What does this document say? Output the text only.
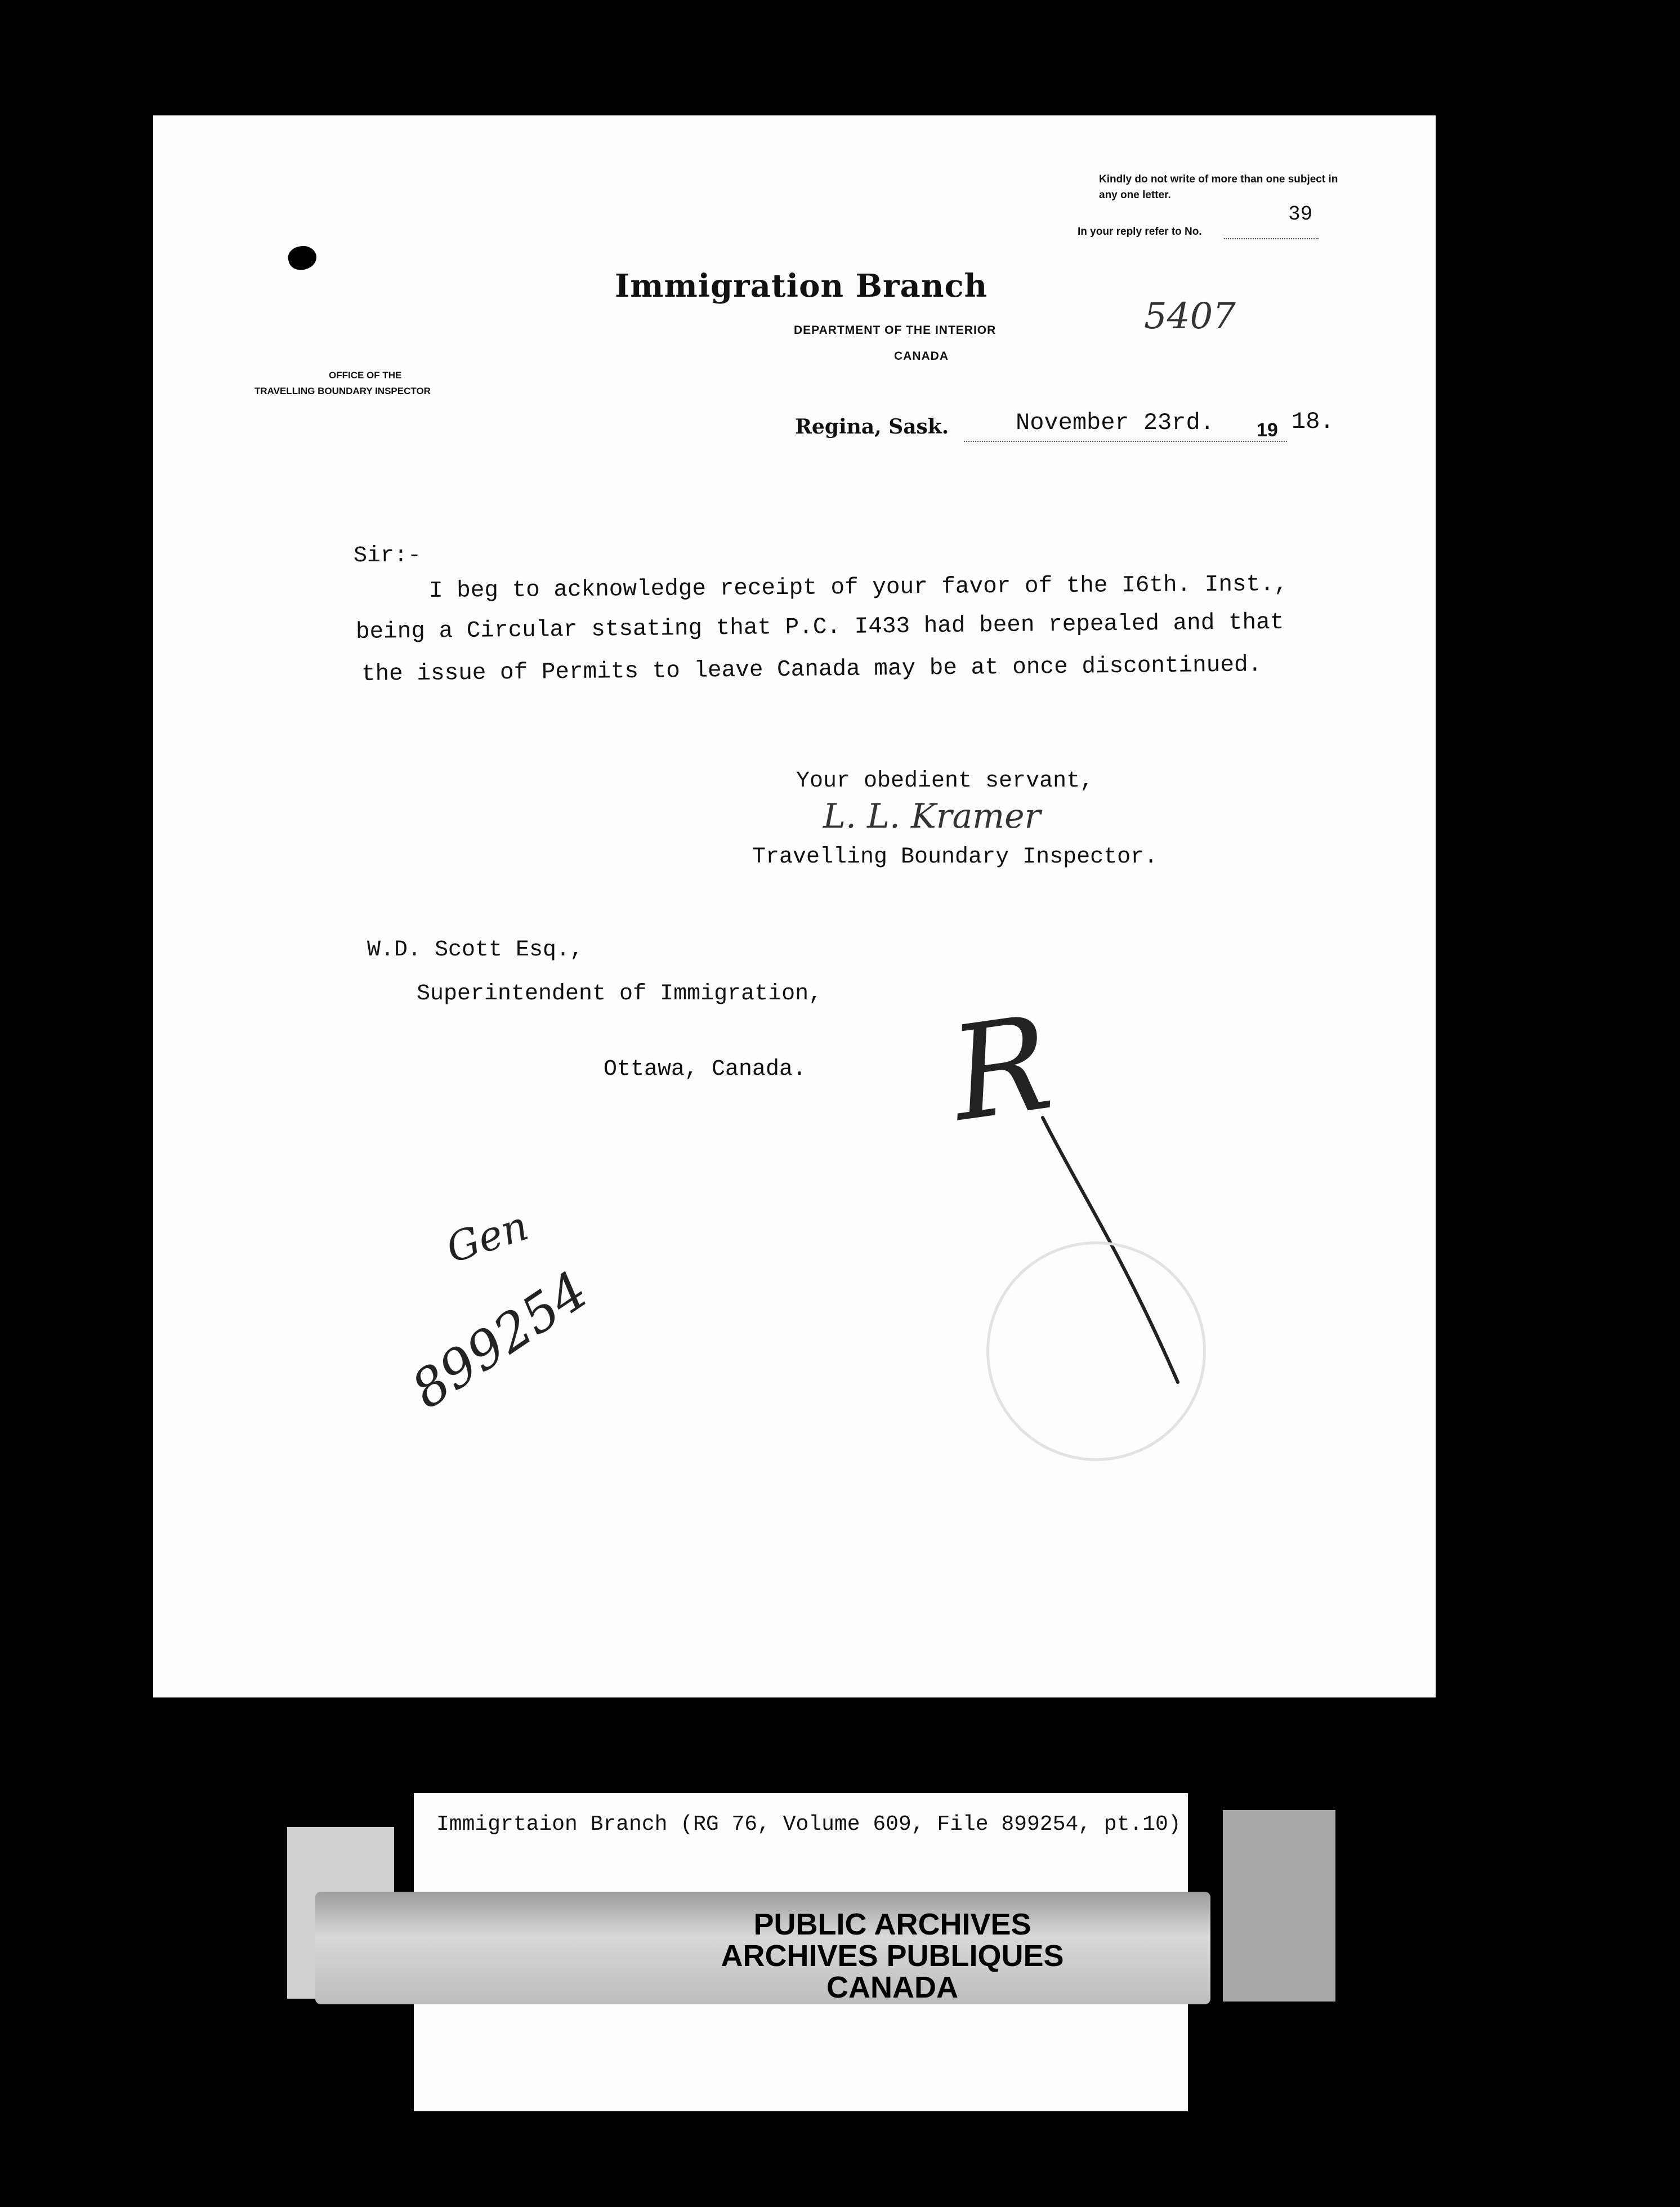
Kindly do not write of more than one subject in any one letter.
In your reply refer to No.
39
Immigration Branch
DEPARTMENT OF THE INTERIOR
CANADA
5407
OFFICE OF THE
TRAVELLING BOUNDARY INSPECTOR
Regina, Sask.	November 23rd. 19 18.
Sir:-
I beg to acknowledge receipt of your favor of the I6th. Inst.,
being a Circular stsating that P.C. I433 had been repealed and that
the issue of Permits to leave Canada may be at once discontinued.
Your obedient servant,
L. L. Kramer
Travelling Boundary Inspector.
W.D. Scott Esq.,
Superintendent of Immigration,
Ottawa, Canada.
Gen
899254
R
Immigrtaion Branch (RG 76, Volume 609, File 899254, pt.10)
PUBLIC ARCHIVES
ARCHIVES PUBLIQUES
CANADA
